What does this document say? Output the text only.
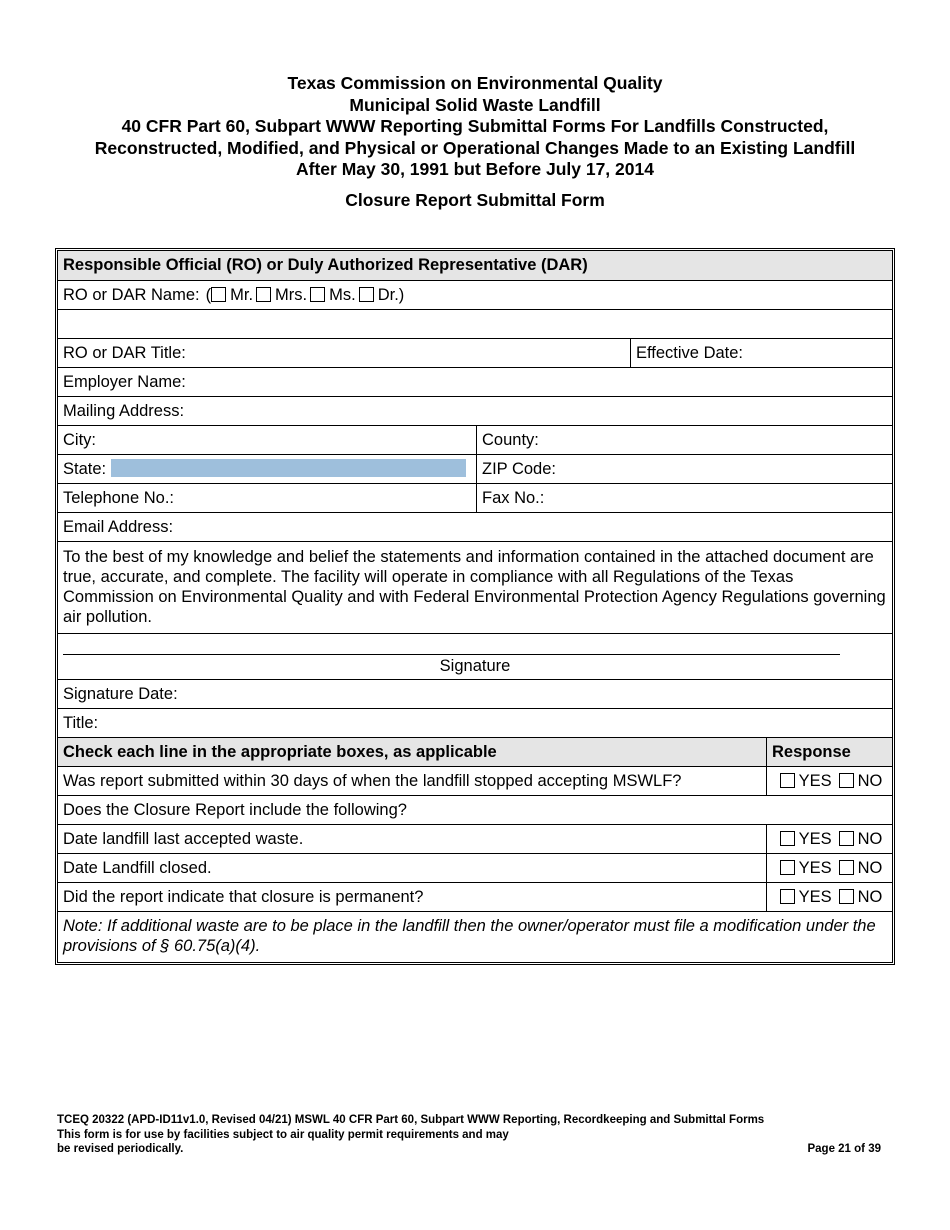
Texas Commission on Environmental Quality
Municipal Solid Waste Landfill
40 CFR Part 60, Subpart WWW Reporting Submittal Forms For Landfills Constructed,
Reconstructed, Modified, and Physical or Operational Changes Made to an Existing Landfill
After May 30, 1991 but Before July 17, 2014
Closure Report Submittal Form
Responsible Official (RO) or Duly Authorized Representative (DAR)
RO or DAR Name: ( Mr. Mrs. Ms. Dr.)
RO or DAR Title:	Effective Date:
Employer Name:
Mailing Address:
City:	County:
State:	ZIP Code:
Telephone No.:	Fax No.:
Email Address:
To the best of my knowledge and belief the statements and information contained in the attached document are true, accurate, and complete. The facility will operate in compliance with all Regulations of the Texas Commission on Environmental Quality and with Federal Environmental Protection Agency Regulations governing air pollution.
Signature
Signature Date:
Title:
Check each line in the appropriate boxes, as applicable	Response
Was report submitted within 30 days of when the landfill stopped accepting MSWLF?	YES NO
Does the Closure Report include the following?
Date landfill last accepted waste.	YES NO
Date Landfill closed.	YES NO
Did the report indicate that closure is permanent?	YES NO
Note: If additional waste are to be place in the landfill then the owner/operator must file a modification under the provisions of § 60.75(a)(4).
TCEQ 20322 (APD-ID11v1.0, Revised 04/21) MSWL 40 CFR Part 60, Subpart WWW Reporting, Recordkeeping and Submittal Forms
This form is for use by facilities subject to air quality permit requirements and may
be revised periodically.	Page 21 of 39
